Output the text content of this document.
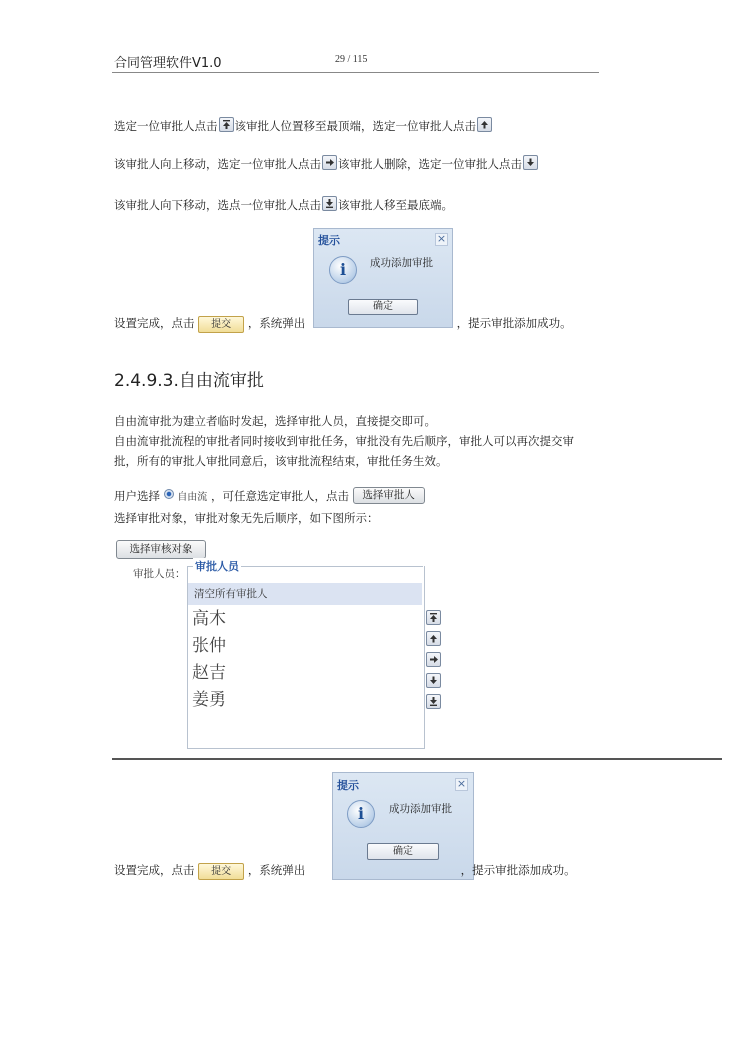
合同管理软件V1.0	29 / 115
选定一位审批人点击 该审批人位置移至最顶端，选定一位审批人点击
该审批人向上移动，选定一位审批人点击 该审批人删除，选定一位审批人点击
该审批人向下移动，选点一位审批人点击 该审批人移至最底端。
提示	×
i	成功添加审批
确定
设置完成，点击 提交 ，系统弹出	，提示审批添加成功。
2.4.9.3.自由流审批
自由流审批为建立者临时发起，选择审批人员，直接提交即可。
自由流审批流程的审批者同时接收到审批任务，审批没有先后顺序，审批人可以再次提交审
批，所有的审批人审批同意后，该审批流程结束，审批任务生效。
用户选择 自由流 ，可任意选定审批人，点击 选择审批人
选择审批对象，审批对象无先后顺序，如下图所示：
选择审核对象
审批人员：
审批人员
清空所有审批人
高木
张仲
赵吉
姜勇
提示	×
i	成功添加审批
确定
设置完成，点击 提交 ，系统弹出	，提示审批添加成功。
